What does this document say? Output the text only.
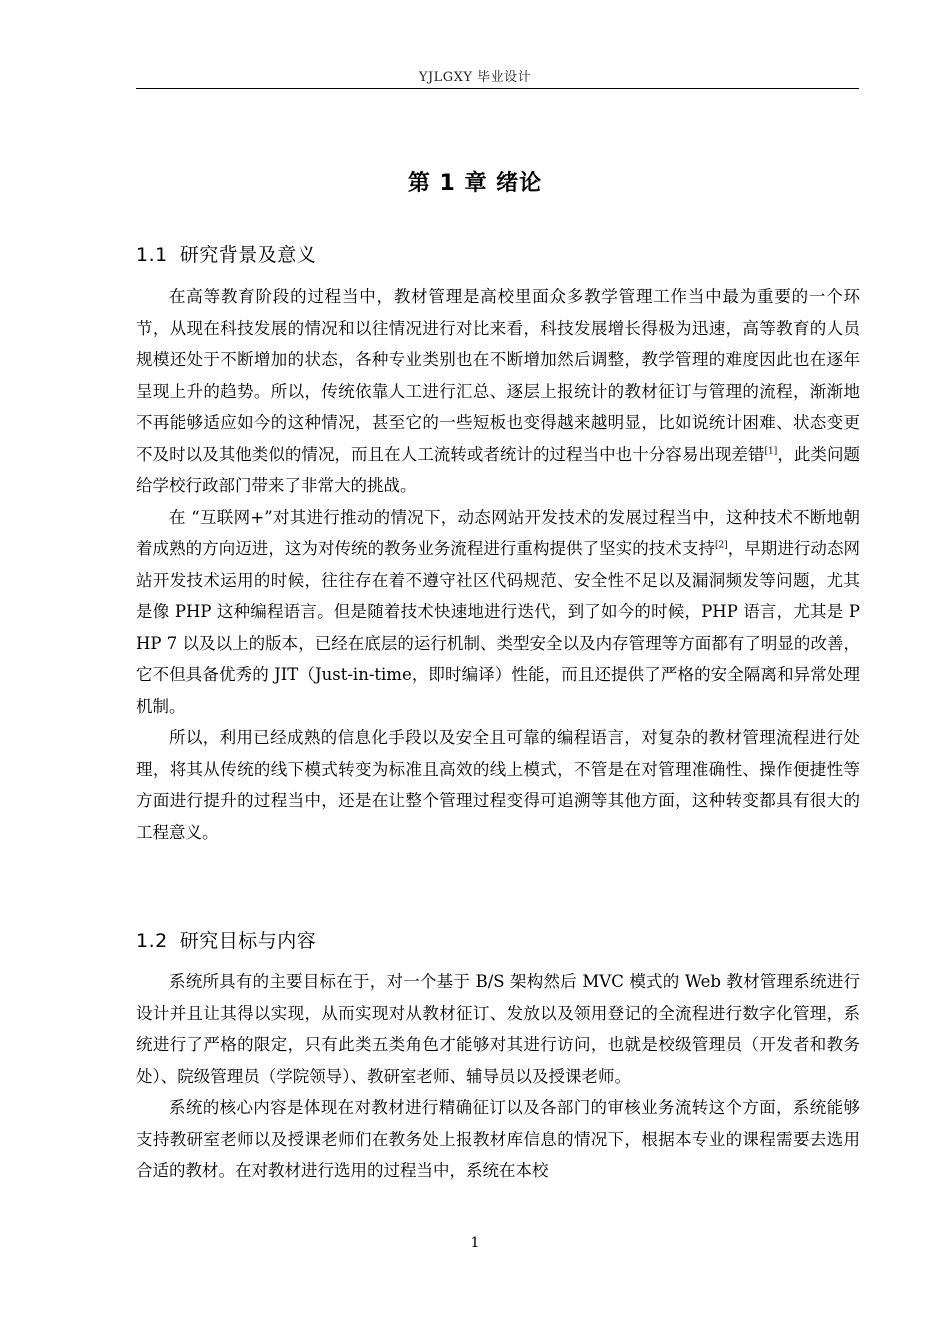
YJLGXY 毕业设计
第 1 章 绪论
1.1 研究背景及意义

在高等教育阶段的过程当中，教材管理是高校里面众多教学管理工作当中最为重要的一个环节，从现在科技发展的情况和以往情况进行对比来看，科技发展增长得极为迅速，高等教育的人员规模还处于不断增加的状态，各种专业类别也在不断增加然后调整，教学管理的难度因此也在逐年呈现上升的趋势。所以，传统依靠人工进行汇总、逐层上报统计的教材征订与管理的流程，渐渐地不再能够适应如今的这种情况，甚至它的一些短板也变得越来越明显，比如说统计困难、状态变更不及时以及其他类似的情况，而且在人工流转或者统计的过程当中也十分容易出现差错[1]，此类问题给学校行政部门带来了非常大的挑战。

在 “互联网+”对其进行推动的情况下，动态网站开发技术的发展过程当中，这种技术不断地朝着成熟的方向迈进，这为对传统的教务业务流程进行重构提供了坚实的技术支持[2]，早期进行动态网站开发技术运用的时候，往往存在着不遵守社区代码规范、安全性不足以及漏洞频发等问题，尤其是像 PHP 这种编程语言。但是随着技术快速地进行迭代，到了如今的时候，PHP 语言，尤其是 PHP 7 以及以上的版本，已经在底层的运行机制、类型安全以及内存管理等方面都有了明显的改善，它不但具备优秀的 JIT（Just-in-time，即时编译）性能，而且还提供了严格的安全隔离和异常处理机制。

所以，利用已经成熟的信息化手段以及安全且可靠的编程语言，对复杂的教材管理流程进行处理，将其从传统的线下模式转变为标准且高效的线上模式，不管是在对管理准确性、操作便捷性等方面进行提升的过程当中，还是在让整个管理过程变得可追溯等其他方面，这种转变都具有很大的工程意义。

1.2 研究目标与内容

系统所具有的主要目标在于，对一个基于 B/S 架构然后 MVC 模式的 Web 教材管理系统进行设计并且让其得以实现，从而实现对从教材征订、发放以及领用登记的全流程进行数字化管理，系统进行了严格的限定，只有此类五类角色才能够对其进行访问，也就是校级管理员（开发者和教务处）、院级管理员（学院领导）、教研室老师、辅导员以及授课老师。

系统的核心内容是体现在对教材进行精确征订以及各部门的审核业务流转这个方面，系统能够支持教研室老师以及授课老师们在教务处上报教材库信息的情况下，根据本专业的课程需要去选用合适的教材。在对教材进行选用的过程当中，系统在本校

1
